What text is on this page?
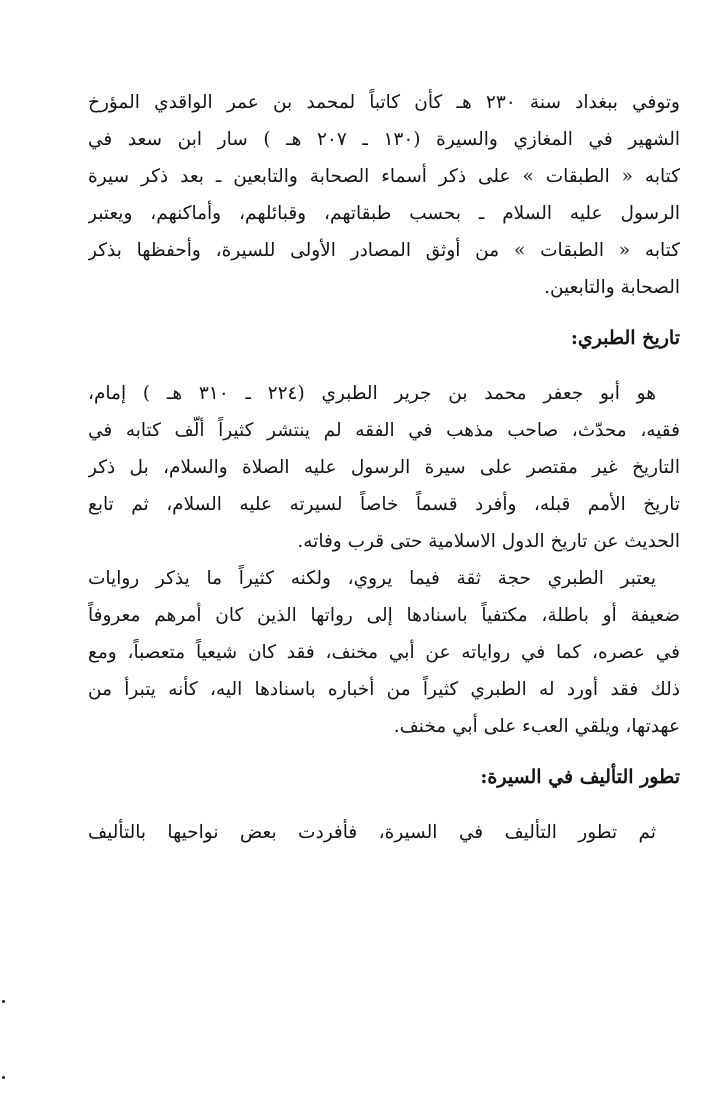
وتوفي ببغداد سنة ٢٣٠ هـ كأن كاتباً لمحمد بن عمر الواقدي المؤرخ
الشهير في المغازي والسيرة (١٣٠ ـ ٢٠٧ هـ ) سار ابن سعد في
كتابه « الطبقات » على ذكر أسماء الصحابة والتابعين ـ بعد ذكر سيرة
الرسول عليه السلام ـ بحسب طبقاتهم، وقبائلهم، وأماكنهم، ويعتبر
كتابه « الطبقات » من أوثق المصادر الأولى للسيرة، وأحفظها بذكر
الصحابة والتابعين.
تاريخ الطبري:
هو أبو جعفر محمد بن جرير الطبري (٢٢٤ ـ ٣١٠ هـ ) إمام،
فقيه، محدّث، صاحب مذهب في الفقه لم ينتشر كثيراً ألّف كتابه في
التاريخ غير مقتصر على سيرة الرسول عليه الصلاة والسلام، بل ذكر
تاريخ الأمم قبله، وأفرد قسماً خاصاً لسيرته عليه السلام، ثم تابع
الحديث عن تاريخ الدول الاسلامية حتى قرب وفاته.
يعتبر الطبري حجة ثقة فيما يروي، ولكنه كثيراً ما يذكر روايات
ضعيفة أو باطلة، مكتفياً باسنادها إلى رواتها الذين كان أمرهم معروفاً
في عصره، كما في رواياته عن أبي مخنف، فقد كان شيعياً متعصباً، ومع
ذلك فقد أورد له الطبري كثيراً من أخباره باسنادها اليه، كأنه يتبرأ من
عهدتها، ويلقي العبء على أبي مخنف.
تطور التأليف في السيرة:
ثم تطور التأليف في السيرة، فأفردت بعض نواحيها بالتأليف
